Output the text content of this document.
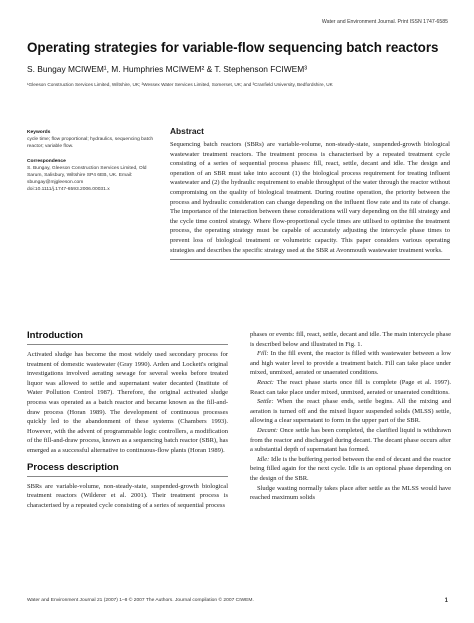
Water and Environment Journal. Print ISSN 1747-6585
Operating strategies for variable-flow sequencing batch reactors
S. Bungay MCIWEM¹, M. Humphries MCIWEM² & T. Stephenson FCIWEM³
¹Gleeson Construction Services Limited, Wiltshire, UK; ²Wessex Water Services Limited, Somerset, UK; and ³Cranfield University, Bedfordshire, UK
Keywords
cycle time; flow proportional; hydraulics, sequencing batch reactor; variable flow.
Correspondence
S. Bungay, Gleeson Construction Services Limited, Old Sarum, Salisbury, Wiltshire SP4 6EB, UK. Email: sbungay@mjgleeson.com
doi:10.1111/j.1747-6593.2006.00031.x
Abstract

Sequencing batch reactors (SBRs) are variable-volume, non-steady-state, suspended-growth biological wastewater treatment reactors. The treatment process is characterised by a repeated treatment cycle consisting of a series of sequential process phases: fill, react, settle, decant and idle. The design and operation of an SBR must take into account (1) the biological process requirement for treating influent wastewater and (2) the hydraulic requirement to enable throughput of the water through the reactor without compromising on the quality of biological treatment. During routine operation, the priority between the process and hydraulic consideration can change depending on the influent flow rate and its rate of change. The importance of the interaction between these considerations will vary depending on the fill strategy and the cycle time control strategy. Where flow-proportional cycle times are utilised to optimise the treatment process, the operating strategy must be capable of accurately adjusting the intercycle phase times to prevent loss of biological treatment or volumetric capacity. This paper considers various operating strategies and describes the specific strategy used at the SBR at Avonmouth wastewater treatment works.

Introduction

Activated sludge has become the most widely used secondary process for treatment of domestic wastewater (Gray 1990). Arden and Lockett's original investigations involved aerating sewage for several weeks before treated liquor was allowed to settle and supernatant water decanted (Institute of Water Pollution Control 1987). Therefore, the original activated sludge process was operated as a batch reactor and became known as the fill-and-draw process (Horan 1989). The development of continuous processes quickly led to the abandonment of these systems (Chambers 1993). However, with the advent of programmable logic controllers, a modification of the fill-and-draw process, known as a sequencing batch reactor (SBR), has emerged as a successful alternative to continuous-flow plants (Horan 1989).

Process description

SBRs are variable-volume, non-steady-state, suspended-growth biological treatment reactors (Wilderer et al. 2001). Their treatment process is characterised by a repeated cycle consisting of a series of sequential process

phases or events: fill, react, settle, decant and idle. The main intercycle phase is described below and illustrated in Fig. 1.

Fill: In the fill event, the reactor is filled with wastewater between a low and high water level to provide a treatment batch. Fill can take place under mixed, unmixed, aerated or unaerated conditions.

React: The react phase starts once fill is complete (Page et al. 1997). React can take place under mixed, unmixed, aerated or unaerated conditions.

Settle: When the react phase ends, settle begins. All the mixing and aeration is turned off and the mixed liquor suspended solids (MLSS) settle, allowing a clear supernatant to form in the upper part of the SBR.

Decant: Once settle has been completed, the clarified liquid is withdrawn from the reactor and discharged during decant. The decant phase occurs after a substantial depth of supernatant has formed.

Idle: Idle is the buffering period between the end of decant and the reactor being filled again for the next cycle. Idle is an optional phase depending on the design of the SBR.

Sludge wasting normally takes place after settle as the MLSS would have reached maximum solids

Water and Environment Journal 21 (2007) 1–8 © 2007 The Authors. Journal compilation © 2007 CIWEM.	1
